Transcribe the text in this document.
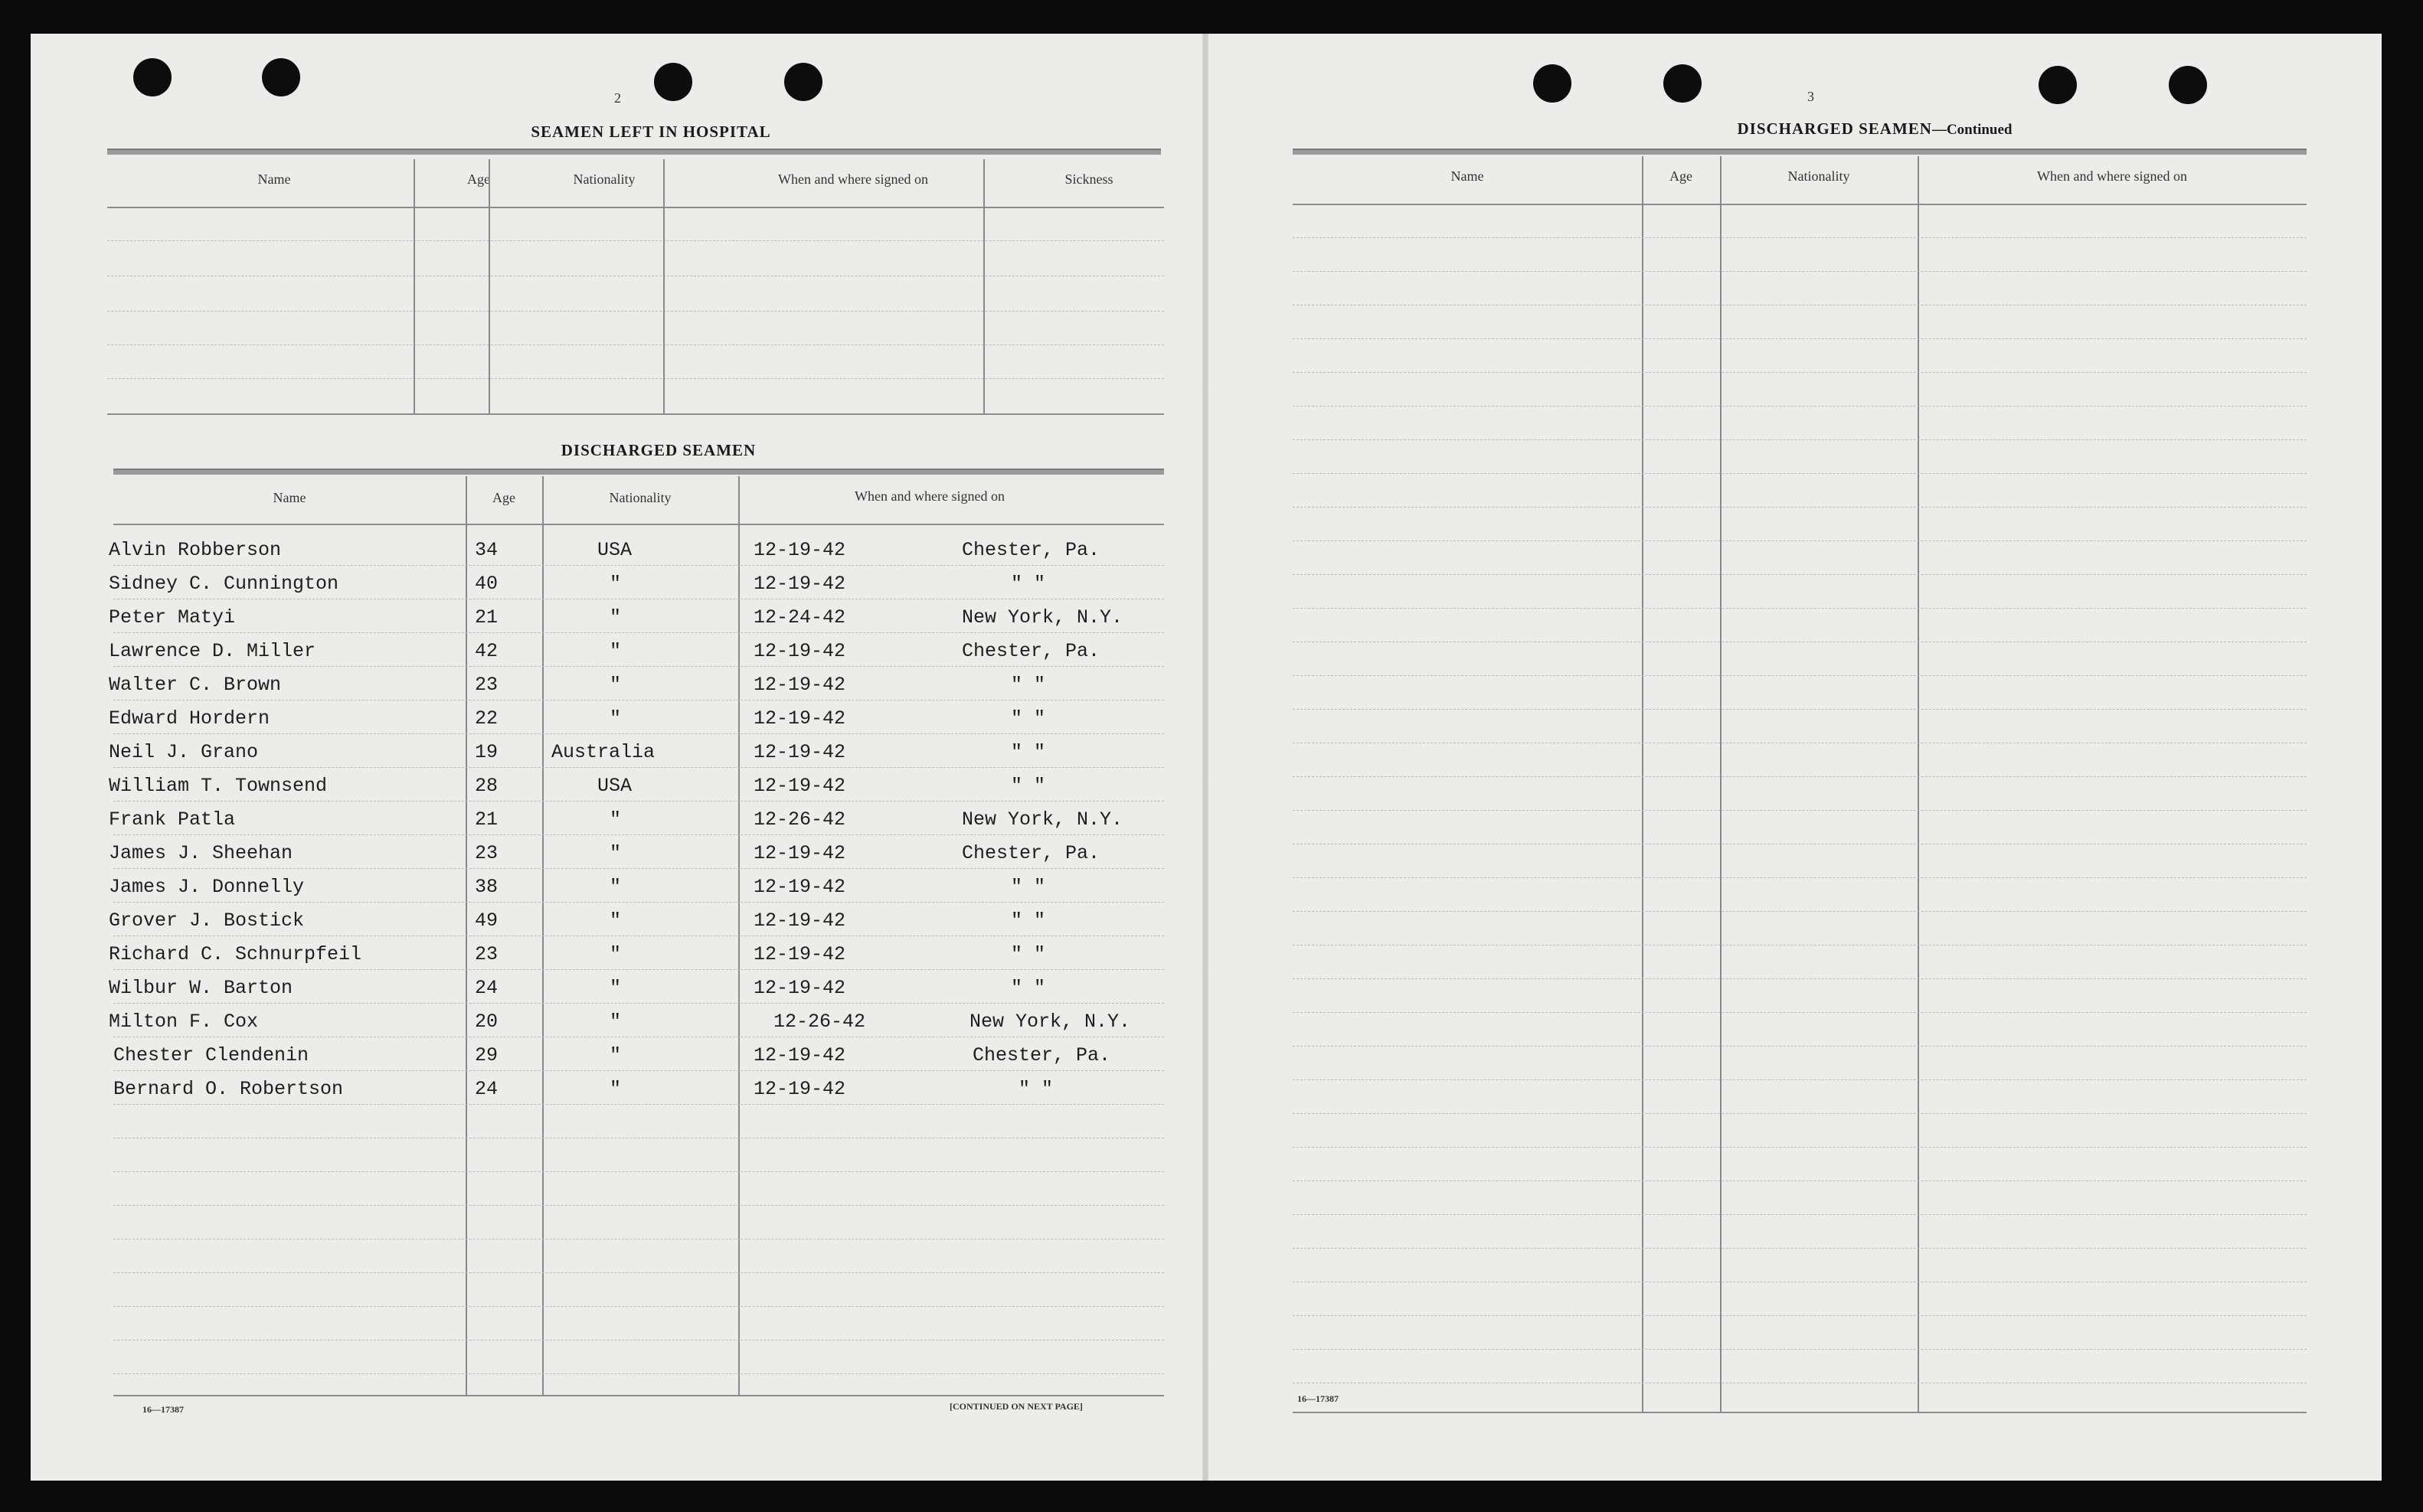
2
SEAMEN LEFT IN HOSPITAL
Name	Age	Nationality	When and where signed on	Sickness
DISCHARGED SEAMEN
Name	Age	Nationality	When and where signed on
Alvin Robberson	34	USA	12-19-42	Chester, Pa.
Sidney C. Cunnington	40	"	12-19-42	" "
Peter Matyi	21	"	12-24-42	New York, N.Y.
Lawrence D. Miller	42	"	12-19-42	Chester, Pa.
Walter C. Brown	23	"	12-19-42	" "
Edward Hordern	22	"	12-19-42	" "
Neil J. Grano	19	Australia	12-19-42	" "
William T. Townsend	28	USA	12-19-42	" "
Frank Patla	21	"	12-26-42	New York, N.Y.
James J. Sheehan	23	"	12-19-42	Chester, Pa.
James J. Donnelly	38	"	12-19-42	" "
Grover J. Bostick	49	"	12-19-42	" "
Richard C. Schnurpfeil	23	"	12-19-42	" "
Wilbur W. Barton	24	"	12-19-42	" "
Milton F. Cox	20	"	12-26-42	New York, N.Y.
Chester Clendenin	29	"	12-19-42	Chester, Pa.
Bernard O. Robertson	24	"	12-19-42	" "
16—17387	[CONTINUED ON NEXT PAGE]
3
DISCHARGED SEAMEN—Continued
Name	Age	Nationality	When and where signed on
16—17387
